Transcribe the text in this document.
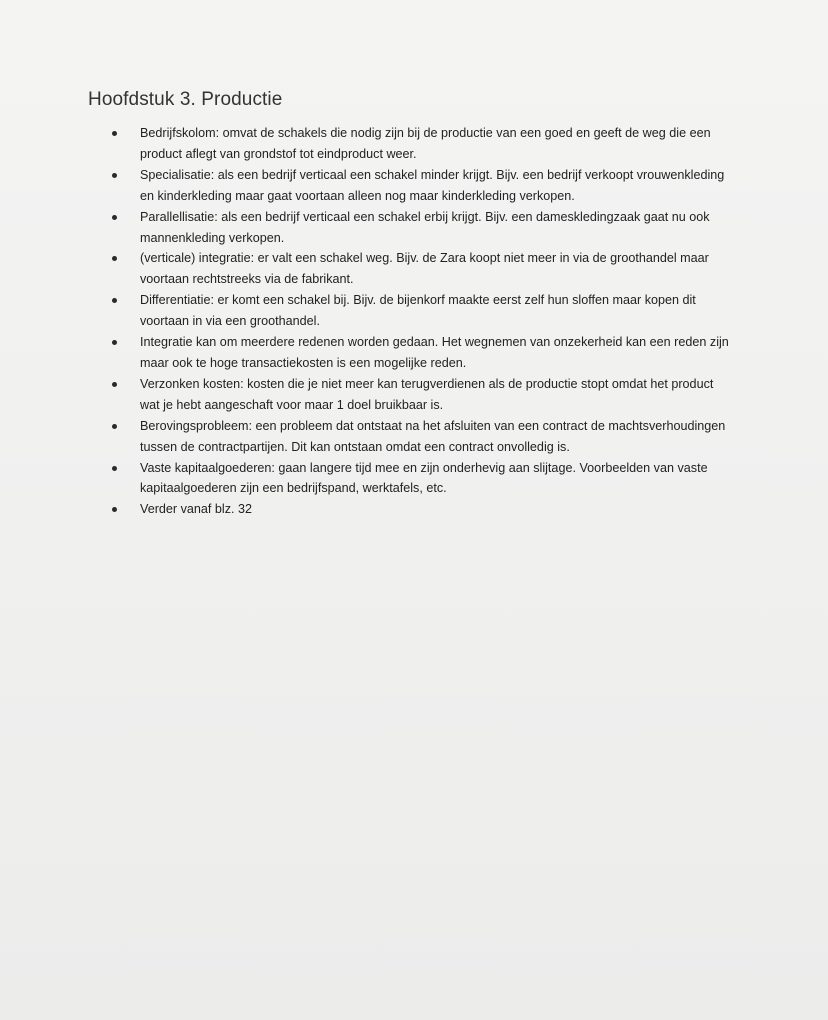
Hoofdstuk 3. Productie
Bedrijfskolom: omvat de schakels die nodig zijn bij de productie van een goed en geeft de weg die een product aflegt van grondstof tot eindproduct weer.
Specialisatie: als een bedrijf verticaal een schakel minder krijgt. Bijv. een bedrijf verkoopt vrouwenkleding en kinderkleding maar gaat voortaan alleen nog maar kinderkleding verkopen.
Parallellisatie: als een bedrijf verticaal een schakel erbij krijgt. Bijv. een dameskledingzaak gaat nu ook mannenkleding verkopen.
(verticale) integratie: er valt een schakel weg. Bijv. de Zara koopt niet meer in via de groothandel maar voortaan rechtstreeks via de fabrikant.
Differentiatie: er komt een schakel bij. Bijv. de bijenkorf maakte eerst zelf hun sloffen maar kopen dit voortaan in via een groothandel.
Integratie kan om meerdere redenen worden gedaan. Het wegnemen van onzekerheid kan een reden zijn maar ook te hoge transactiekosten is een mogelijke reden.
Verzonken kosten: kosten die je niet meer kan terugverdienen als de productie stopt omdat het product wat je hebt aangeschaft voor maar 1 doel bruikbaar is.
Berovingsprobleem: een probleem dat ontstaat na het afsluiten van een contract de machtsverhoudingen tussen de contractpartijen. Dit kan ontstaan omdat een contract onvolledig is.
Vaste kapitaalgoederen: gaan langere tijd mee en zijn onderhevig aan slijtage. Voorbeelden van vaste kapitaalgoederen zijn een bedrijfspand, werktafels, etc.
Verder vanaf blz. 32
